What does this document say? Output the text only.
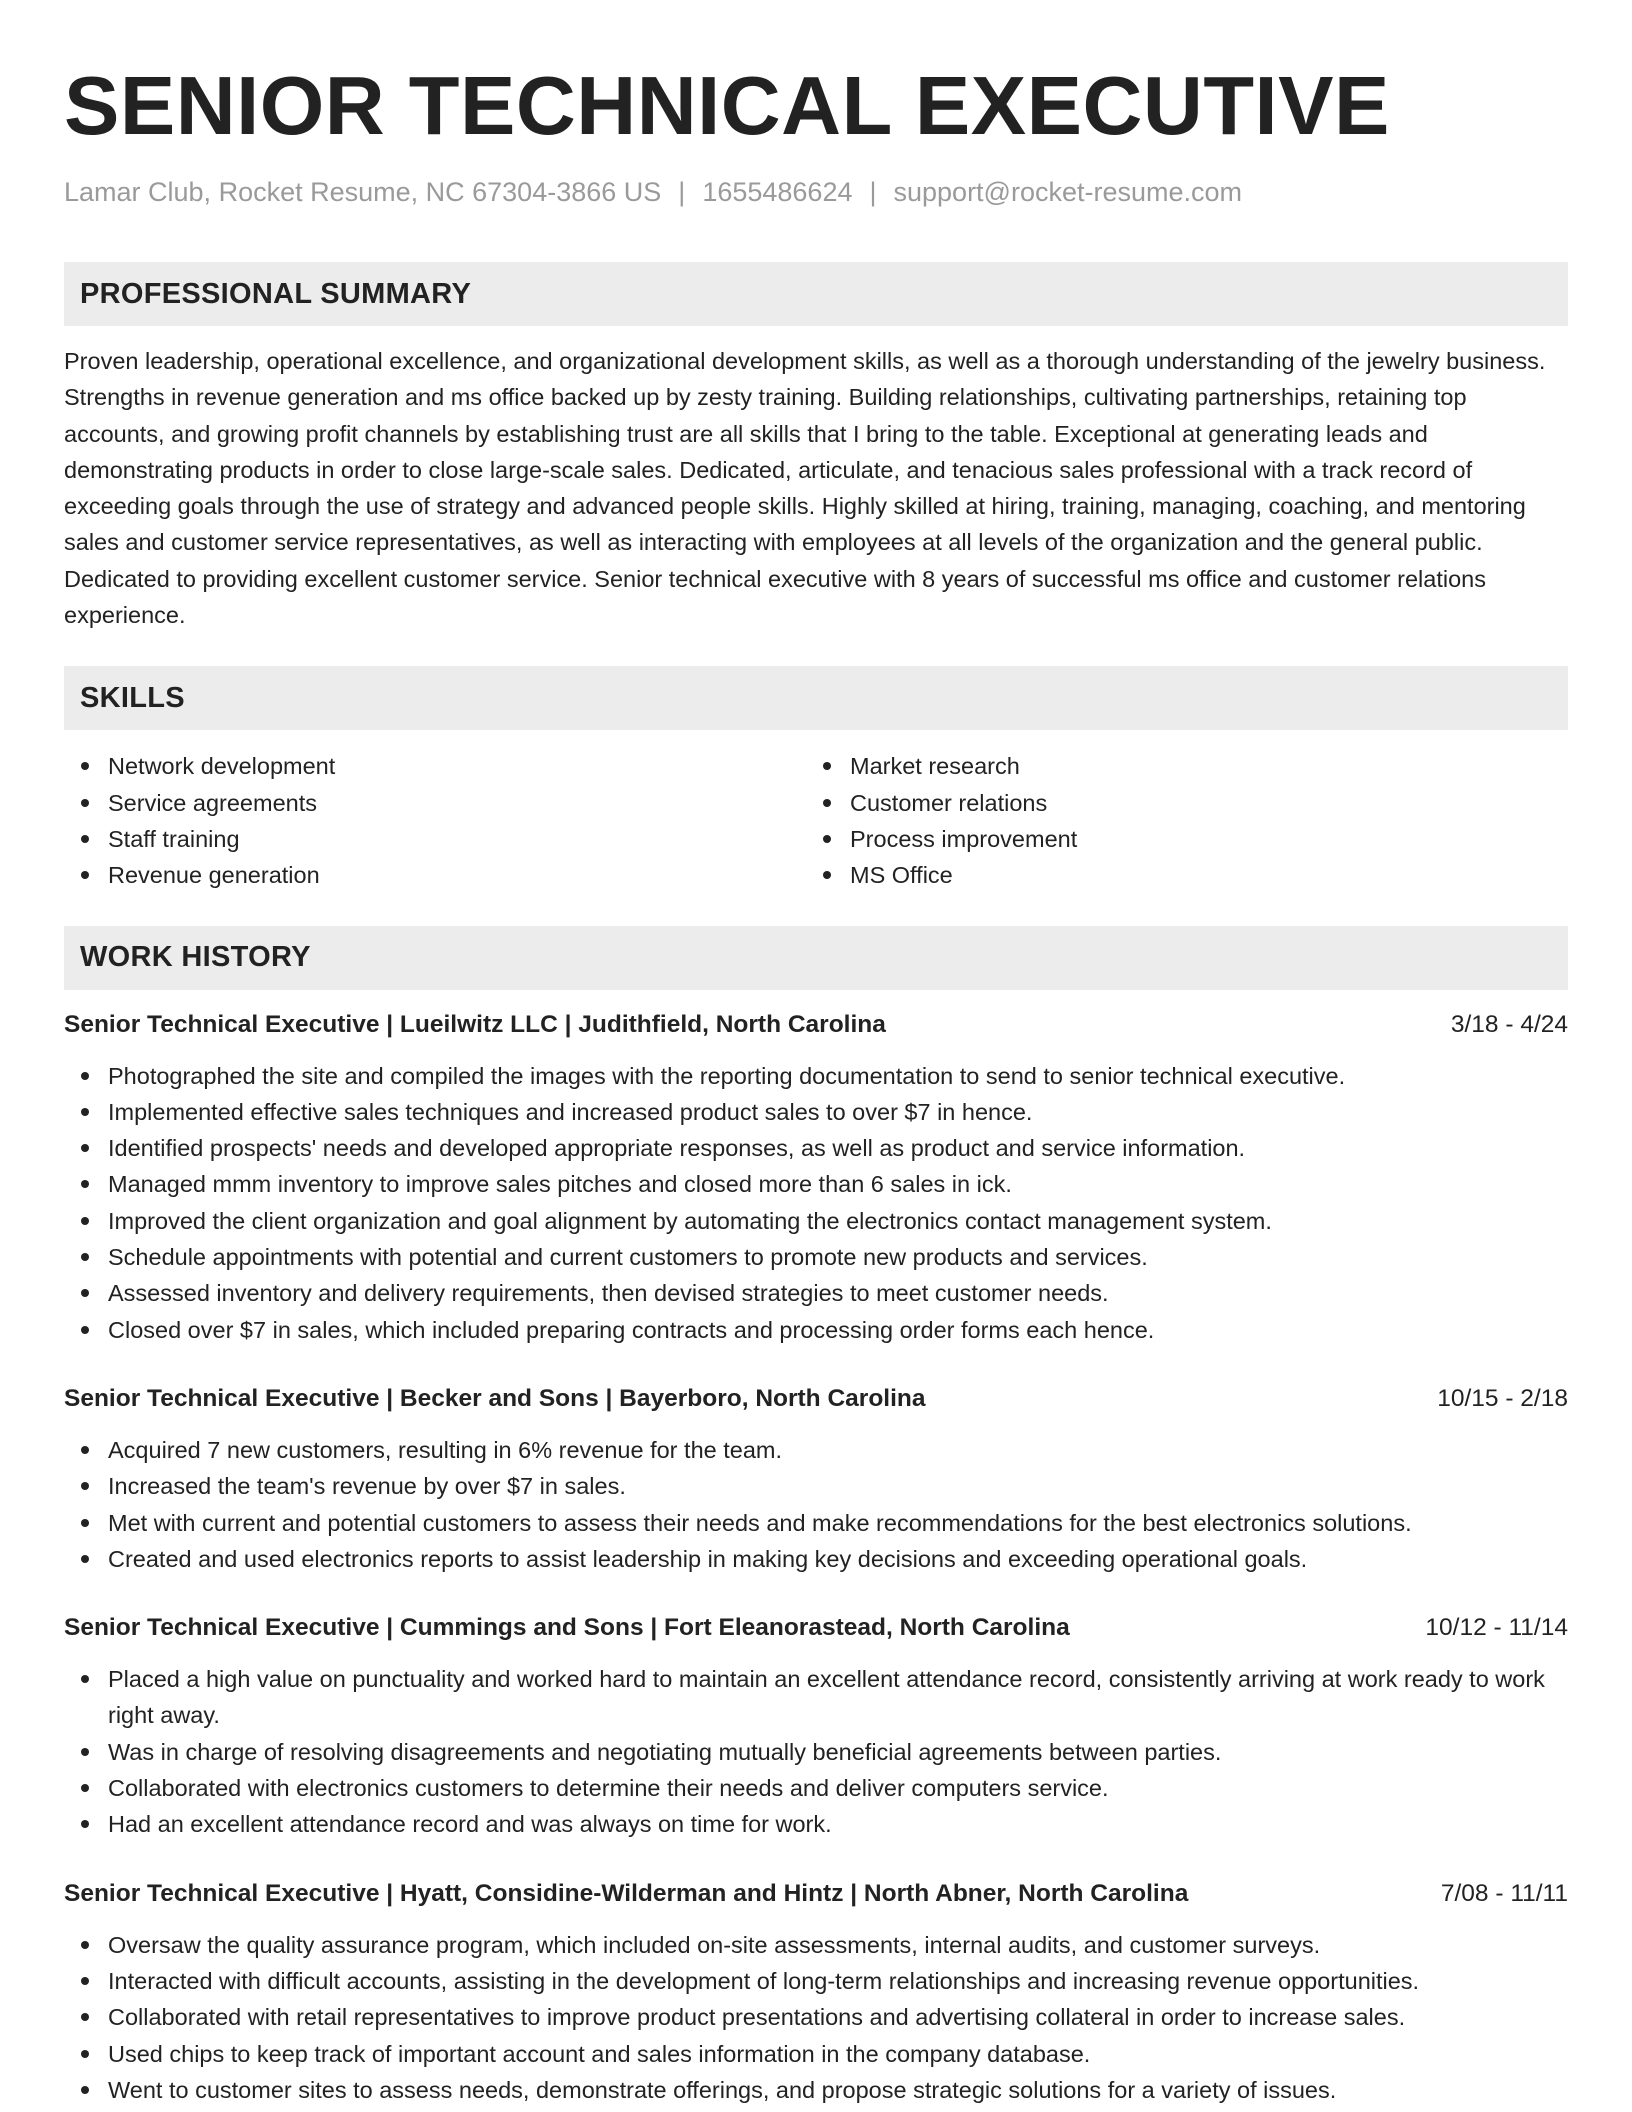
SENIOR TECHNICAL EXECUTIVE
Lamar Club, Rocket Resume, NC 67304-3866 US | 1655486624 | support@rocket-resume.com
PROFESSIONAL SUMMARY
Proven leadership, operational excellence, and organizational development skills, as well as a thorough understanding of the jewelry business. Strengths in revenue generation and ms office backed up by zesty training. Building relationships, cultivating partnerships, retaining top accounts, and growing profit channels by establishing trust are all skills that I bring to the table. Exceptional at generating leads and demonstrating products in order to close large-scale sales. Dedicated, articulate, and tenacious sales professional with a track record of exceeding goals through the use of strategy and advanced people skills. Highly skilled at hiring, training, managing, coaching, and mentoring sales and customer service representatives, as well as interacting with employees at all levels of the organization and the general public. Dedicated to providing excellent customer service. Senior technical executive with 8 years of successful ms office and customer relations experience.
SKILLS
Network development
Service agreements
Staff training
Revenue generation
Market research
Customer relations
Process improvement
MS Office
WORK HISTORY
Senior Technical Executive | Lueilwitz LLC | Judithfield, North Carolina	3/18 - 4/24
Photographed the site and compiled the images with the reporting documentation to send to senior technical executive.
Implemented effective sales techniques and increased product sales to over $7 in hence.
Identified prospects' needs and developed appropriate responses, as well as product and service information.
Managed mmm inventory to improve sales pitches and closed more than 6 sales in ick.
Improved the client organization and goal alignment by automating the electronics contact management system.
Schedule appointments with potential and current customers to promote new products and services.
Assessed inventory and delivery requirements, then devised strategies to meet customer needs.
Closed over $7 in sales, which included preparing contracts and processing order forms each hence.
Senior Technical Executive | Becker and Sons | Bayerboro, North Carolina	10/15 - 2/18
Acquired 7 new customers, resulting in 6% revenue for the team.
Increased the team's revenue by over $7 in sales.
Met with current and potential customers to assess their needs and make recommendations for the best electronics solutions.
Created and used electronics reports to assist leadership in making key decisions and exceeding operational goals.
Senior Technical Executive | Cummings and Sons | Fort Eleanorastead, North Carolina	10/12 - 11/14
Placed a high value on punctuality and worked hard to maintain an excellent attendance record, consistently arriving at work ready to work right away.
Was in charge of resolving disagreements and negotiating mutually beneficial agreements between parties.
Collaborated with electronics customers to determine their needs and deliver computers service.
Had an excellent attendance record and was always on time for work.
Senior Technical Executive | Hyatt, Considine-Wilderman and Hintz | North Abner, North Carolina	7/08 - 11/11
Oversaw the quality assurance program, which included on-site assessments, internal audits, and customer surveys.
Interacted with difficult accounts, assisting in the development of long-term relationships and increasing revenue opportunities.
Collaborated with retail representatives to improve product presentations and advertising collateral in order to increase sales.
Used chips to keep track of important account and sales information in the company database.
Went to customer sites to assess needs, demonstrate offerings, and propose strategic solutions for a variety of issues.
